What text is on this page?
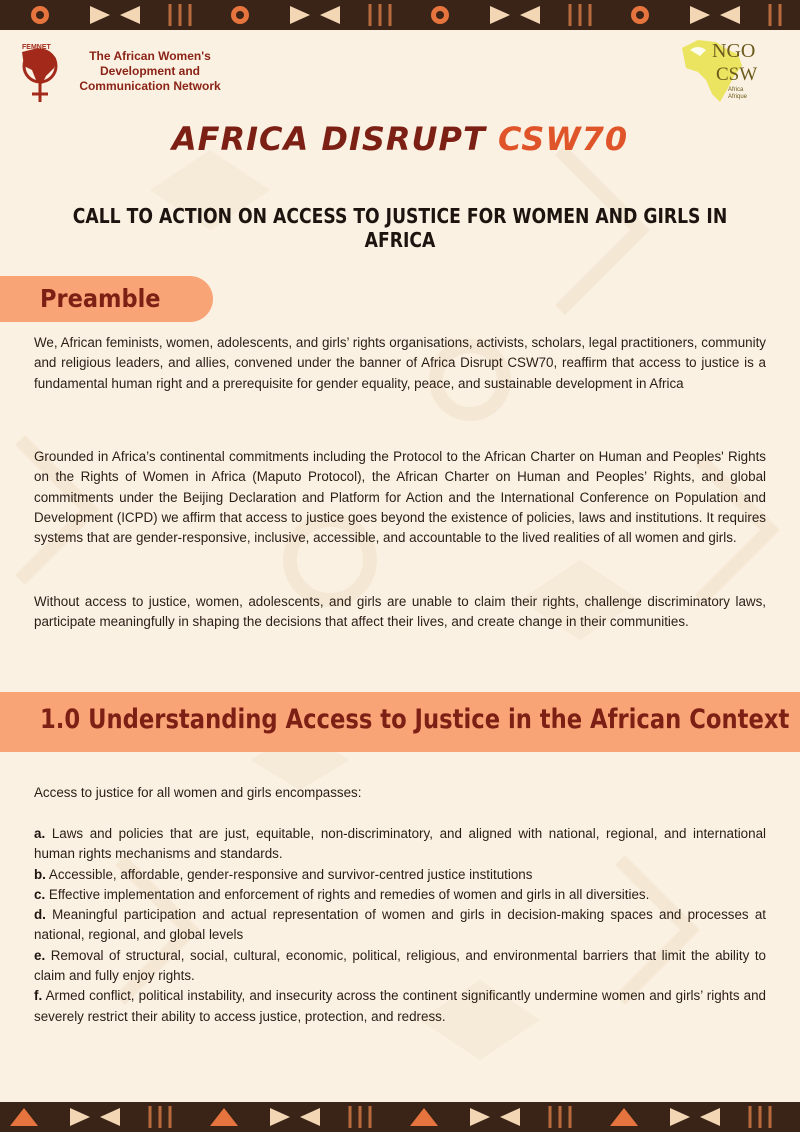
FEMNET
The African Women's
Development and
Communication Network
NGO
CSW
Africa
Afrique
AFRICA DISRUPT CSW70
CALL TO ACTION ON ACCESS TO JUSTICE FOR WOMEN AND GIRLS IN AFRICA
Preamble

We, African feminists, women, adolescents, and girls’ rights organisations, activists, scholars, legal practitioners, community and religious leaders, and allies, convened under the banner of Africa Disrupt CSW70, reaffirm that access to justice is a fundamental human right and a prerequisite for gender equality, peace, and sustainable development in Africa

Grounded in Africa’s continental commitments including the Protocol to the African Charter on Human and Peoples' Rights on the Rights of Women in Africa (Maputo Protocol), the African Charter on Human and Peoples’ Rights, and global commitments under the Beijing Declaration and Platform for Action and the International Conference on Population and Development (ICPD) we affirm that access to justice goes beyond the existence of policies, laws and institutions. It requires systems that are gender-responsive, inclusive, accessible, and accountable to the lived realities of all women and girls.

Without access to justice, women, adolescents, and girls are unable to claim their rights, challenge discriminatory laws, participate meaningfully in shaping the decisions that affect their lives, and create change in their communities.

1.0 Understanding Access to Justice in the African Context
Access to justice for all women and girls encompasses:

a. Laws and policies that are just, equitable, non-discriminatory, and aligned with national, regional, and international human rights mechanisms and standards.

b. Accessible, affordable, gender-responsive and survivor-centred justice institutions

c. Effective implementation and enforcement of rights and remedies of women and girls in all diversities.

d. Meaningful participation and actual representation of women and girls in decision-making spaces and processes at national, regional, and global levels

e. Removal of structural, social, cultural, economic, political, religious, and environmental barriers that limit the ability to claim and fully enjoy rights.

f. Armed conflict, political instability, and insecurity across the continent significantly undermine women and girls’ rights and severely restrict their ability to access justice, protection, and redress.
